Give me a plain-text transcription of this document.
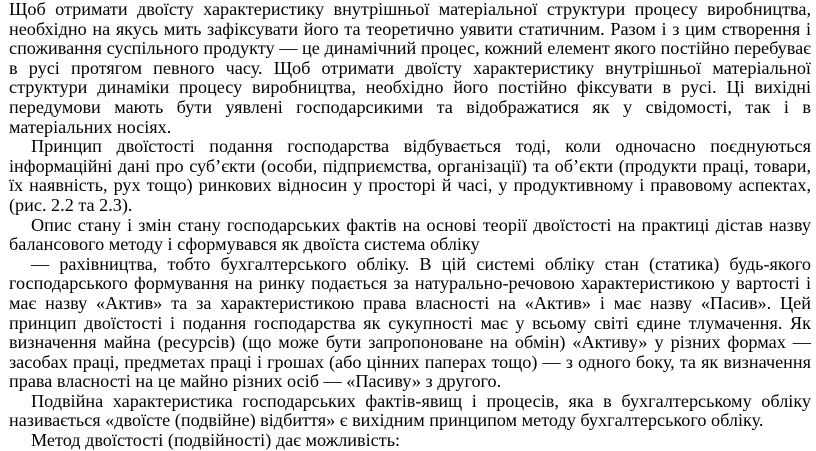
Щоб отримати двоїсту характеристику внутрішньої матеріальної структури процесу виробництва, необхідно на якусь мить зафіксувати його та теоретично уявити статичним. Разом і з цим створення і споживання суспільного продукту — це динамічний процес, кожний елемент якого постійно перебуває в русі протягом певного часу. Щоб отримати двоїсту характеристику внутрішньої матеріальної структури динаміки процесу виробництва, необхідно його постійно фіксувати в русі. Ці вихідні передумови мають бути уявлені господарсикими та відображатися як у свідомості, так і в матеріальних носіях.

Принцип двоїстості подання господарства відбувається тоді, коли одночасно поєднуються інформаційні дані про суб’єкти (особи, підприємства, організації) та об’єкти (продукти праці, товари, їх наявність, рух тощо) ринкових відносин у просторі й часі, у продуктивному і правовому аспектах, (рис. 2.2 та 2.3).

Опис стану і змін стану господарських фактів на основі теорії двоїстості на практиці дістав назву балансового методу і сформувався як двоїста система обліку

— рахівництва, тобто бухгалтерського обліку. В цій системі обліку стан (статика) будь-якого господарського формування на ринку подається за натурально-речовою характеристикою у вартості і має назву «Актив» та за характеристикою права власності на «Актив» і має назву «Пасив». Цей принцип двоїстості і подання господарства як сукупності має у всьому світі єдине тлумачення. Як визначення майна (ресурсів) (що може бути запропоноване на обмін) «Активу» у різних формах — засобах праці, предметах праці і грошах (або цінних паперах тощо) — з одного боку, та як визначення права власності на це майно різних осіб — «Пасиву» з другого.

Подвійна характеристика господарських фактів-явищ і процесів, яка в бухгалтерському обліку називається «двоїсте (подвійне) відбиття» є вихідним принципом методу бухгалтерського обліку.

Метод двоїстості (подвійності) дає можливість:
